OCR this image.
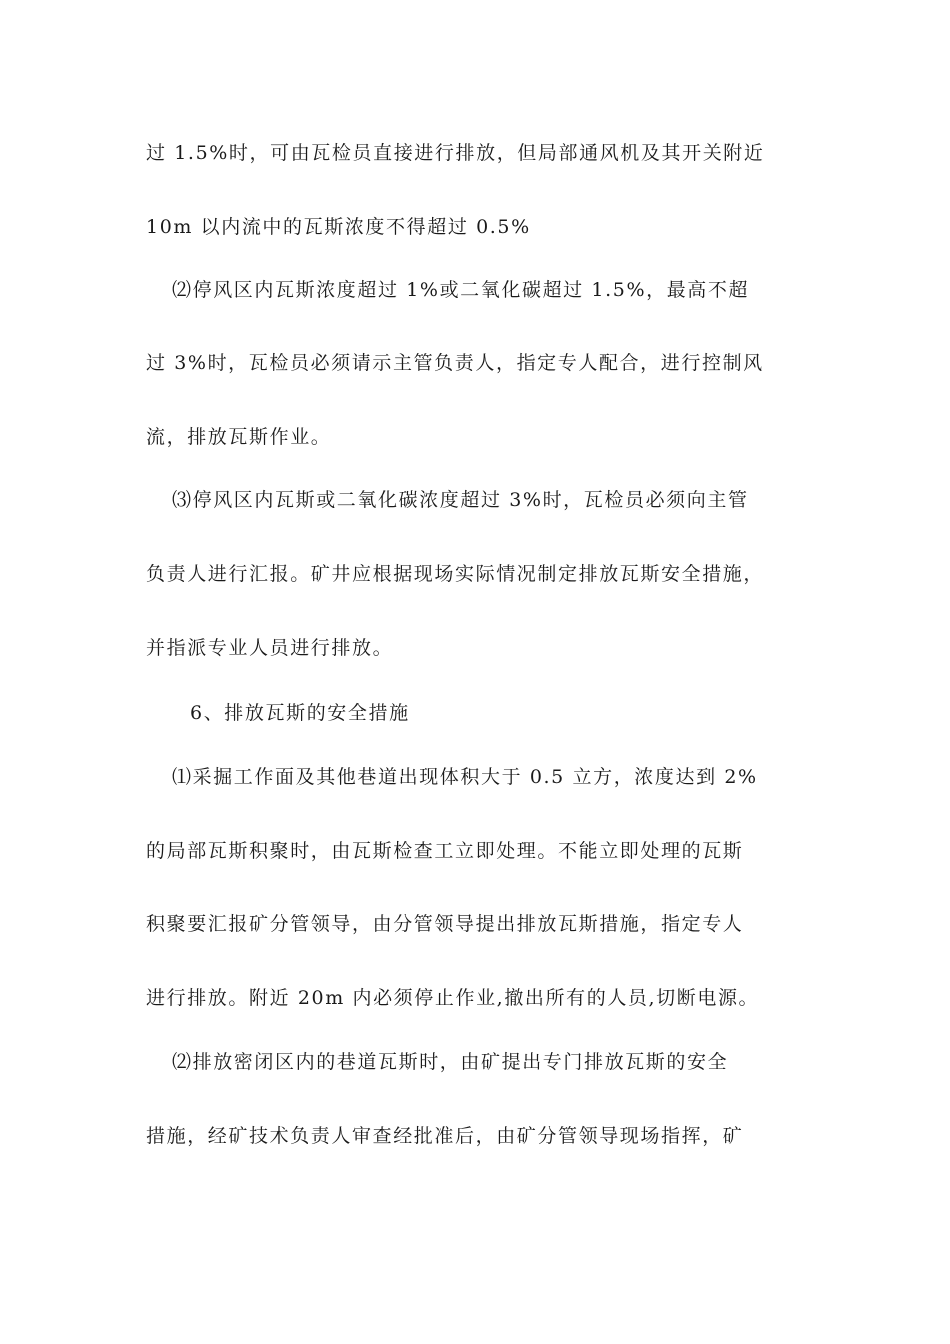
过 1.5%时，可由瓦检员直接进行排放，但局部通风机及其开关附近
10m 以内流中的瓦斯浓度不得超过 0.5%
⑵停风区内瓦斯浓度超过 1%或二氧化碳超过 1.5%，最高不超
过 3%时，瓦检员必须请示主管负责人，指定专人配合，进行控制风
流，排放瓦斯作业。
⑶停风区内瓦斯或二氧化碳浓度超过 3%时，瓦检员必须向主管
负责人进行汇报。矿井应根据现场实际情况制定排放瓦斯安全措施，
并指派专业人员进行排放。
6、排放瓦斯的安全措施
⑴采掘工作面及其他巷道出现体积大于 0.5 立方，浓度达到 2%
的局部瓦斯积聚时，由瓦斯检查工立即处理。不能立即处理的瓦斯
积聚要汇报矿分管领导，由分管领导提出排放瓦斯措施，指定专人
进行排放。附近 20m 内必须停止作业,撤出所有的人员,切断电源。
⑵排放密闭区内的巷道瓦斯时，由矿提出专门排放瓦斯的安全
措施，经矿技术负责人审查经批准后，由矿分管领导现场指挥，矿
